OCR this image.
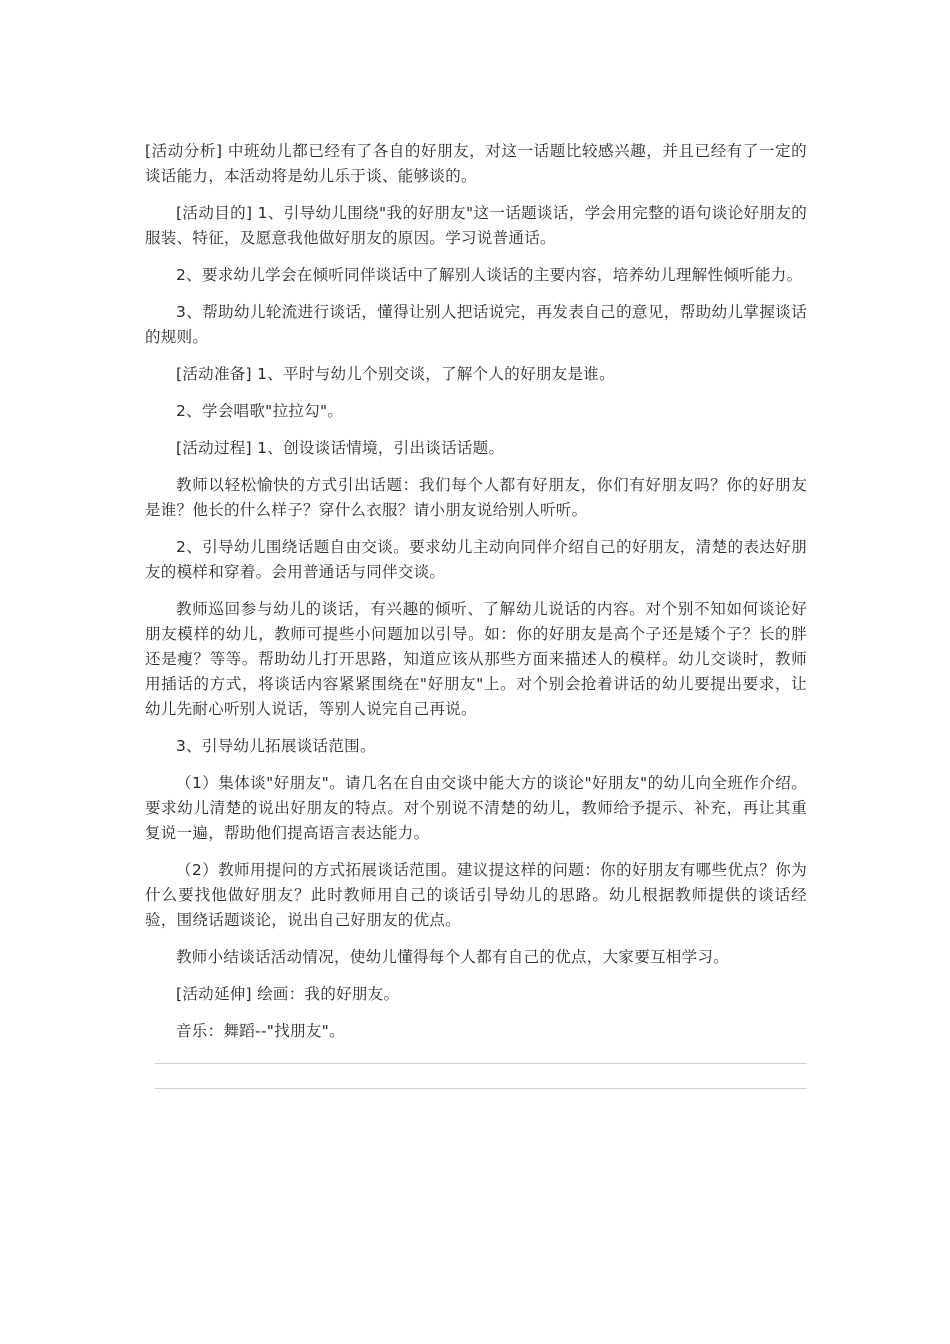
[活动分析] 中班幼儿都已经有了各自的好朋友，对这一话题比较感兴趣，并且已经有了一定的谈话能力，本活动将是幼儿乐于谈、能够谈的。

[活动目的] 1、引导幼儿围绕"我的好朋友"这一话题谈话，学会用完整的语句谈论好朋友的服装、特征，及愿意我他做好朋友的原因。学习说普通话。

2、要求幼儿学会在倾听同伴谈话中了解别人谈话的主要内容，培养幼儿理解性倾听能力。

3、帮助幼儿轮流进行谈话，懂得让别人把话说完，再发表自己的意见，帮助幼儿掌握谈话的规则。

[活动准备] 1、平时与幼儿个别交谈，了解个人的好朋友是谁。

2、学会唱歌"拉拉勾"。

[活动过程] 1、创设谈话情境，引出谈话话题。

教师以轻松愉快的方式引出话题：我们每个人都有好朋友，你们有好朋友吗？你的好朋友是谁？他长的什么样子？穿什么衣服？请小朋友说给别人听听。

2、引导幼儿围绕话题自由交谈。要求幼儿主动向同伴介绍自己的好朋友，清楚的表达好朋友的模样和穿着。会用普通话与同伴交谈。

教师巡回参与幼儿的谈话，有兴趣的倾听、了解幼儿说话的内容。对个别不知如何谈论好朋友模样的幼儿，教师可提些小问题加以引导。如：你的好朋友是高个子还是矮个子？长的胖还是瘦？等等。帮助幼儿打开思路，知道应该从那些方面来描述人的模样。幼儿交谈时，教师用插话的方式，将谈话内容紧紧围绕在"好朋友"上。对个别会抢着讲话的幼儿要提出要求，让幼儿先耐心听别人说话，等别人说完自己再说。

3、引导幼儿拓展谈话范围。

（1）集体谈"好朋友"。请几名在自由交谈中能大方的谈论"好朋友"的幼儿向全班作介绍。要求幼儿清楚的说出好朋友的特点。对个别说不清楚的幼儿，教师给予提示、补充，再让其重复说一遍，帮助他们提高语言表达能力。

（2）教师用提问的方式拓展谈话范围。建议提这样的问题：你的好朋友有哪些优点？你为什么要找他做好朋友？此时教师用自己的谈话引导幼儿的思路。幼儿根据教师提供的谈话经验，围绕话题谈论，说出自己好朋友的优点。

教师小结谈话活动情况，使幼儿懂得每个人都有自己的优点，大家要互相学习。

[活动延伸] 绘画：我的好朋友。

音乐：舞蹈--"找朋友"。
